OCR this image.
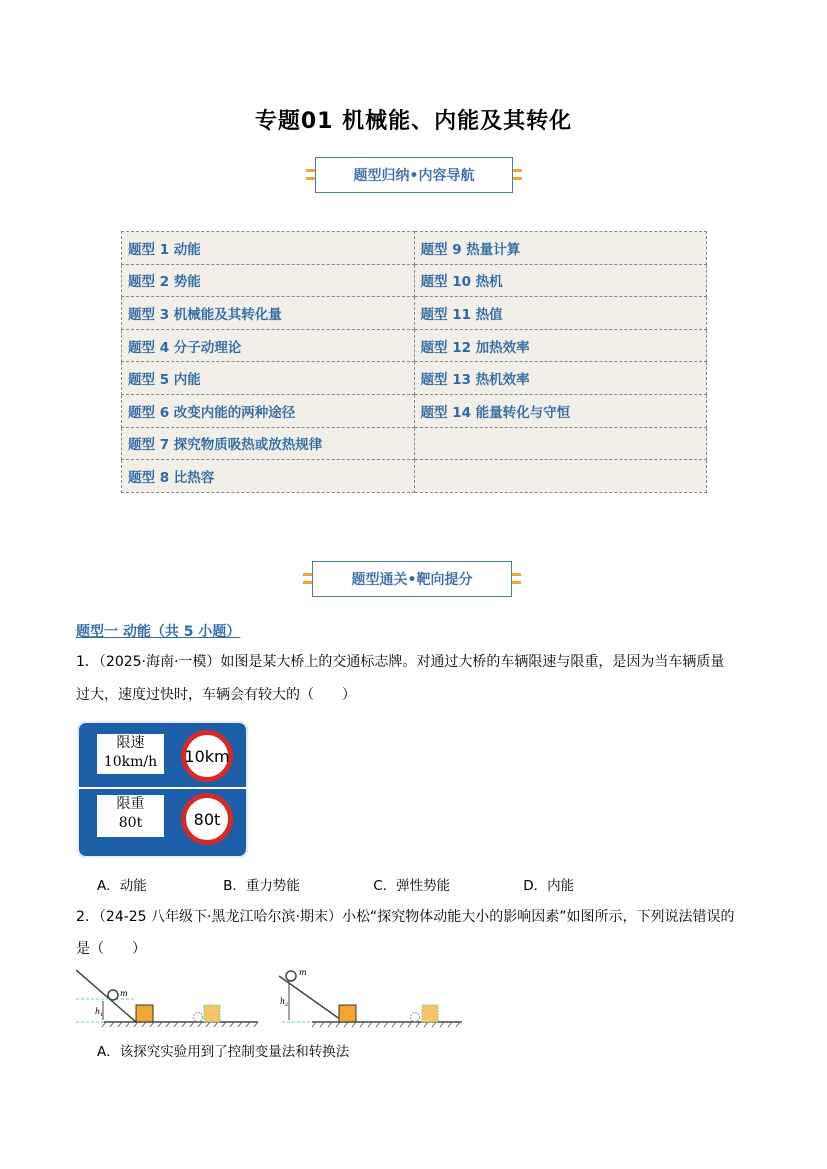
专题01 机械能、内能及其转化
题型归纳•内容导航
题型 1 动能	题型 9 热量计算
题型 2 势能	题型 10 热机
题型 3 机械能及其转化量	题型 11 热值
题型 4 分子动理论	题型 12 加热效率
题型 5 内能	题型 13 热机效率
题型 6 改变内能的两种途径	题型 14 能量转化与守恒
题型 7 探究物质吸热或放热规律	
题型 8 比热容	
题型通关•靶向提分
题型一 动能（共 5 小题）
1．（2025·海南·一模）如图是某大桥上的交通标志牌。对通过大桥的车辆限速与限重，是因为当车辆质量
过大，速度过快时，车辆会有较大的（　　）
限速
10km/h	10km
限重
80t	80t
A．动能	B．重力势能	C．弹性势能	D．内能
2．（24-25 八年级下·黑龙江哈尔滨·期末）小松“探究物体动能大小的影响因素”如图所示，下列说法错误的
是（　　）
m
h 1
m
h 2
A．该探究实验用到了控制变量法和转换法
